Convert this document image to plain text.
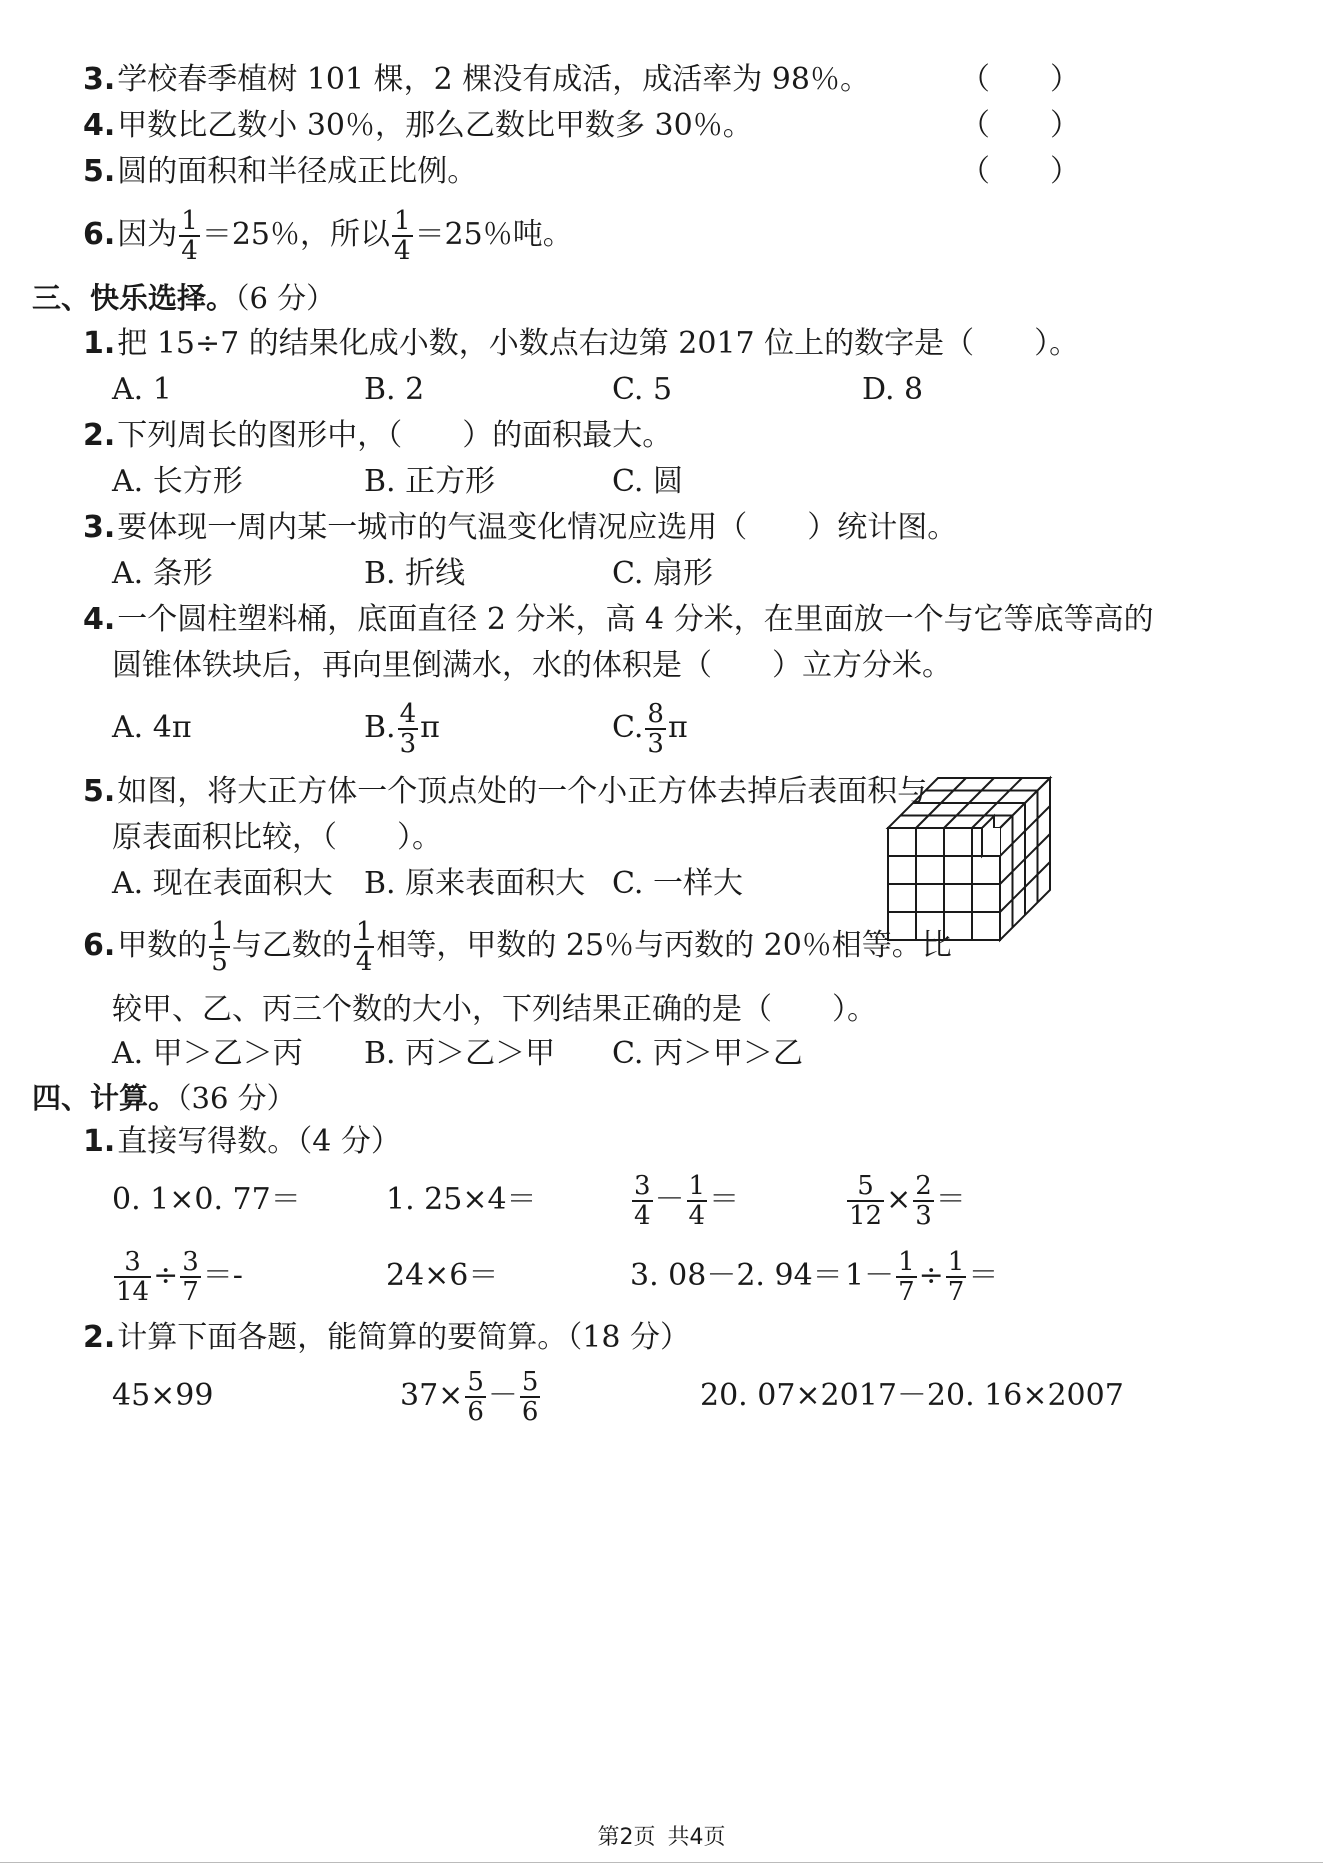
3.学校春季植树 101 棵，2 棵没有成活，成活率为 98％。	（　　）
4.甲数比乙数小 30％，那么乙数比甲数多 30％。	（　　）
5.圆的面积和半径成正比例。	（　　）
6.因为 $\frac{1}{4} =25$％，所以 $\frac{1}{4} =25$％吨。
三、快乐选择。（6 分）
1.把 15÷7 的结果化成小数，小数点右边第 2017 位上的数字是（　　）。
A. 1	B. 2	C. 5	D. 8
2.下列周长的图形中，（　　）的面积最大。
A. 长方形	B. 正方形	C. 圆
3.要体现一周内某一城市的气温变化情况应选用（　　）统计图。
A. 条形	B. 折线	C. 扇形
4.一个圆柱塑料桶，底面直径 2 分米，高 4 分米，在里面放一个与它等底等高的
圆锥体铁块后，再向里倒满水，水的体积是（　　）立方分米。
A. 4π	B. $\frac{4}{3}$ π	C. $\frac{8}{3}$ π
5.如图，将大正方体一个顶点处的一个小正方体去掉后表面积与
原表面积比较，（　　）。
A. 现在表面积大 B. 原来表面积大 C. 一样大
6.甲数的 $\frac{1}{5}$ 与乙数的 $\frac{1}{4}$ 相等，甲数的 25％与丙数的 20％相等。比
较甲、乙、丙三个数的大小，下列结果正确的是（　　）。
A. 甲＞乙＞丙 B. 丙＞乙＞甲 C. 丙＞甲＞乙
四、计算。（36 分）
1.直接写得数。（4 分）
0. 1×0. 77＝	1. 25×4＝	$\frac{3}{4} - \frac{1}{4}$ ＝	$\frac{5}{12} \times \frac{2}{3}$ ＝
$\frac{3}{14} \div \frac{3}{7}$ ＝-	24×6＝	3. 08－2. $94= 1- \frac{1}{7} \div \frac{1}{7}$ ＝
2.计算下面各题，能简算的要简算。（18 分）
45×99	$37\times \frac{5}{6} - \frac{5}{6}$	20. 07×2017－20. 16×2007
第2页 共4页
